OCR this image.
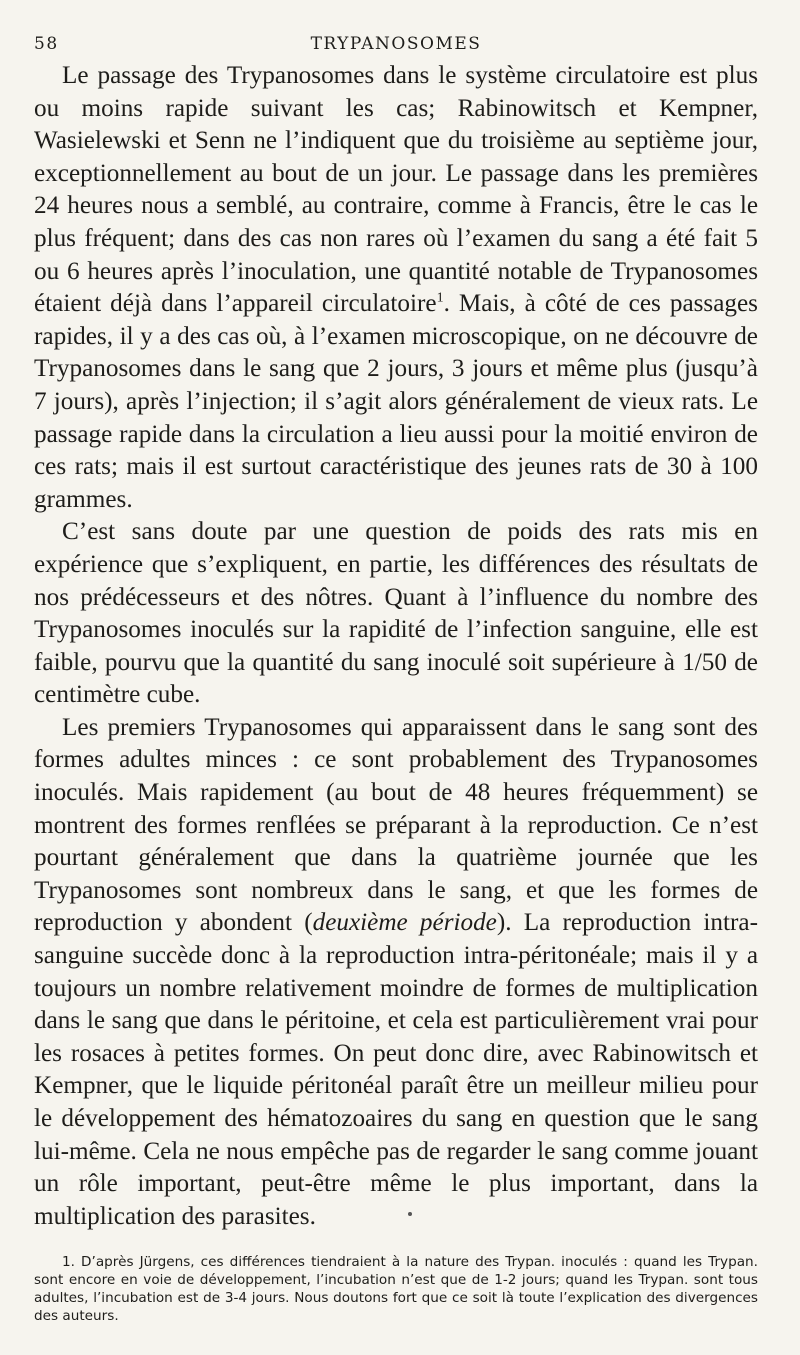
58	TRYPANOSOMES

Le passage des Trypanosomes dans le système circulatoire est plus ou moins rapide suivant les cas; Rabinowitsch et Kempner, Wasielewski et Senn ne l’indiquent que du troisième au septième jour, exceptionnellement au bout de un jour. Le passage dans les premières 24 heures nous a semblé, au contraire, comme à Francis, être le cas le plus fréquent; dans des cas non rares où l’examen du sang a été fait 5 ou 6 heures après l’inoculation, une quantité notable de Trypanosomes étaient déjà dans l’appareil circulatoire$^1$. Mais, à côté de ces passages rapides, il y a des cas où, à l’examen microscopique, on ne découvre de Trypanosomes dans le sang que 2 jours, 3 jours et même plus (jusqu’à 7 jours), après l’injection; il s’agit alors généralement de vieux rats. Le passage rapide dans la circulation a lieu aussi pour la moitié environ de ces rats; mais il est surtout caractéristique des jeunes rats de 30 à 100 grammes.

C’est sans doute par une question de poids des rats mis en expérience que s’expliquent, en partie, les différences des résultats de nos prédécesseurs et des nôtres. Quant à l’influence du nombre des Trypanosomes inoculés sur la rapidité de l’infection sanguine, elle est faible, pourvu que la quantité du sang inoculé soit supérieure à 1/50 de centimètre cube.

Les premiers Trypanosomes qui apparaissent dans le sang sont des formes adultes minces : ce sont probablement des Trypanosomes inoculés. Mais rapidement (au bout de 48 heures fréquemment) se montrent des formes renflées se préparant à la reproduction. Ce n’est pourtant généralement que dans la quatrième journée que les Trypanosomes sont nombreux dans le sang, et que les formes de reproduction y abondent (deuxième période). La reproduction intra-sanguine succède donc à la reproduction intra-péritonéale; mais il y a toujours un nombre relativement moindre de formes de multiplication dans le sang que dans le péritoine, et cela est particulièrement vrai pour les rosaces à petites formes. On peut donc dire, avec Rabinowitsch et Kempner, que le liquide péritonéal paraît être un meilleur milieu pour le développement des hématozoaires du sang en question que le sang lui-même. Cela ne nous empêche pas de regarder le sang comme jouant un rôle important, peut-être même le plus important, dans la multiplication des parasites.

1. D’après Jürgens, ces différences tiendraient à la nature des Trypan. inoculés : quand les Trypan. sont encore en voie de développement, l’incubation n’est que de 1-2 jours; quand les Trypan. sont tous adultes, l’incubation est de 3-4 jours. Nous doutons fort que ce soit là toute l’explication des divergences des auteurs.
